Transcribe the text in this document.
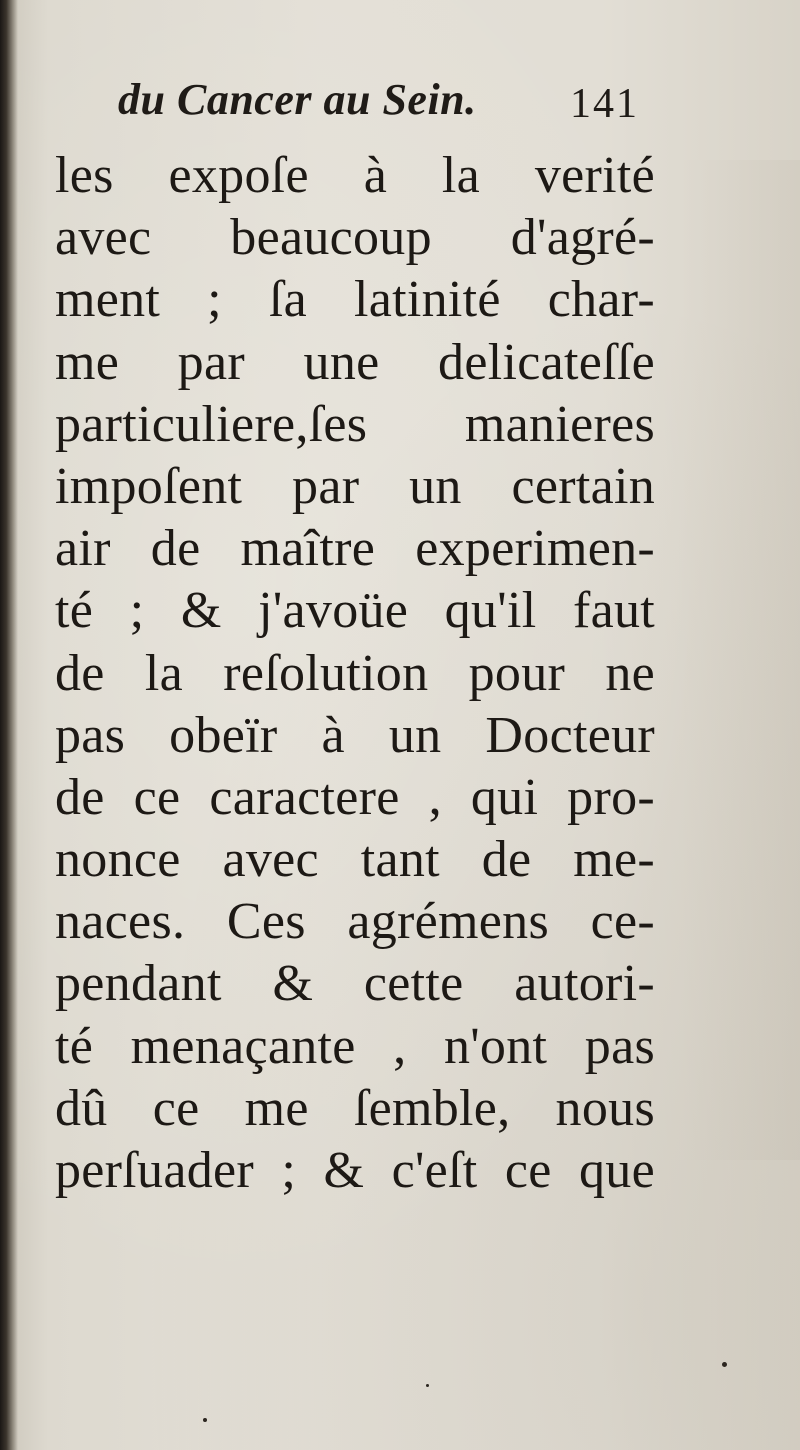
du Cancer au Sein. 141
les expoſe à la verité
avec beaucoup d'agré-
ment ; ſa latinité char-
me par une delicateſſe
particuliere,ſes manieres
impoſent par un certain
air de maître experimen-
té ; & j'avoüe qu'il faut
de la reſolution pour ne
pas obeïr à un Docteur
de ce caractere , qui pro-
nonce avec tant de me-
naces. Ces agrémens ce-
pendant & cette autori-
té menaçante , n'ont pas
dû ce me ſemble, nous
perſuader ; & c'eſt ce que
